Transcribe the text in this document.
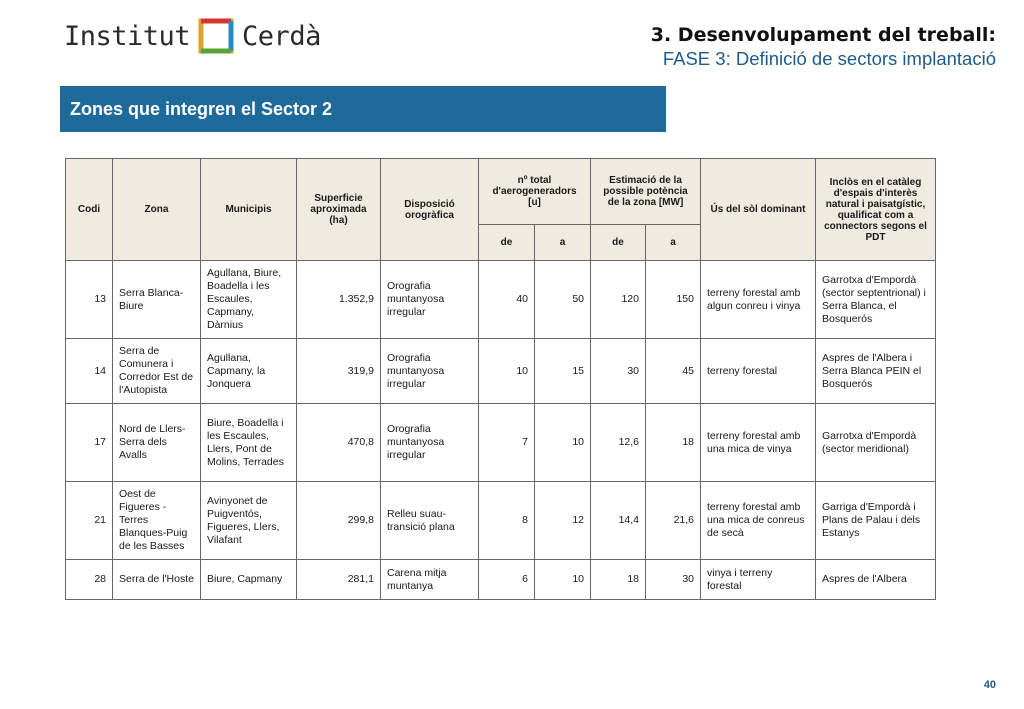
Institut Cerdà	3. Desenvolupament del treball:
FASE 3: Definició de sectors implantació
Zones que integren el Sector 2
Codi	Zona	Municipis	Superficie aproximada (ha)	Disposició orogràfica	nº total d'aerogeneradors [u]		Estimació de la possible potència de la zona [MW]		Ús del sòl dominant	Inclòs en el catàleg d'espais d'interès natural i paisatgístic, qualificat com a connectors segons el PDT
					de	a	de	a		
13	Serra Blanca-Biure	Agullana, Biure, Boadella i les Escaules, Capmany, Dàrnius	1.352,9	Orografia muntanyosa irregular	40	50	120	150	terreny forestal amb algun conreu i vinya	Garrotxa d'Empordà (sector septentrional) i Serra Blanca, el Bosquerós
14	Serra de Comunera i Corredor Est de l'Autopista	Agullana, Capmany, la Jonquera	319,9	Orografia muntanyosa irregular	10	15	30	45	terreny forestal	Aspres de l'Albera i Serra Blanca PEIN el Bosquerós
17	Nord de Llers-Serra dels Avalls	Biure, Boadella i les Escaules, Llers, Pont de Molins, Terrades	470,8	Orografia muntanyosa irregular	7	10	12,6	18	terreny forestal amb una mica de vinya	Garrotxa d'Empordà (sector meridional)
21	Oest de Figueres - Terres Blanques-Puig de les Basses	Avinyonet de Puigventós, Figueres, Llers, Vilafant	299,8	Relleu suau-transició plana	8	12	14,4	21,6	terreny forestal amb una mica de conreus de secà	Garriga d'Empordà i Plans de Palau i dels Estanys
28	Serra de l'Hoste	Biure, Capmany	281,1	Carena mitja muntanya	6	10	18	30	vinya i terreny forestal	Aspres de l'Albera
40
